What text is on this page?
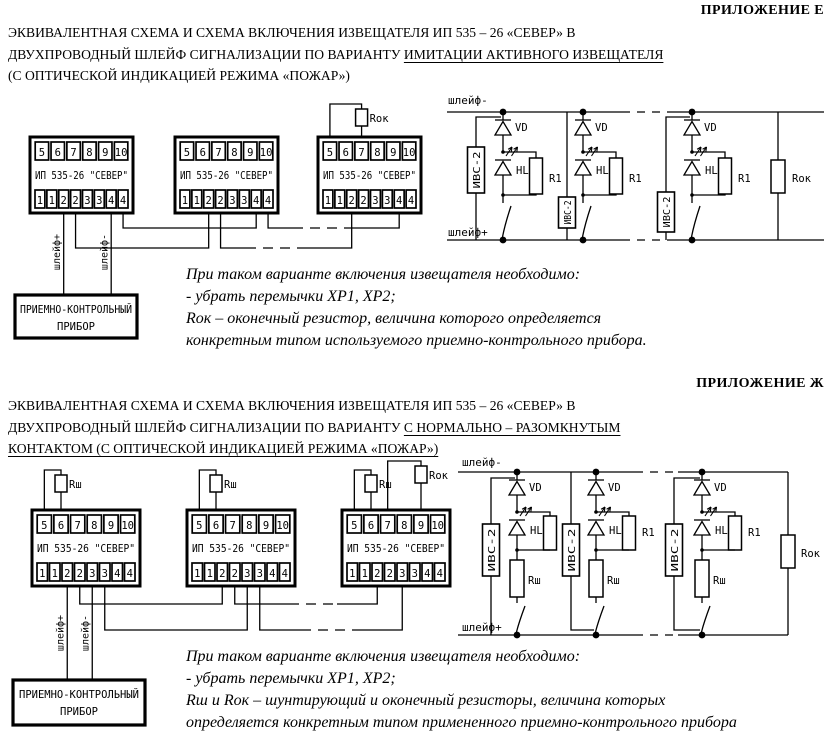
5 6 7 8 9 10
ИП 535-26 "СЕВЕР"
1 1 2 2 3 3 4 4
5 6 7 8 9 10
ИП 535-26 "СЕВЕР"
1 1 2 2 3 3 4 4
5 6 7 8 9 10
ИП 535-26 "СЕВЕР"
1 1 2 2 3 3 4 4
Rок
шлейф+	шлейф-
ПРИЕМНО-КОНТРОЛЬНЫЙ
ПРИБОР
шлейф-
шлейф+
VD
HL
R1
VD
HL
R1
VD
HL
R1
ИВС-2
ИВС-2	ИВС-2
Rок
5 6 7 8 9 10
ИП 535-26 "СЕВЕР"
1 1 2 2 3 3 4 4
5 6 7 8 9 10
ИП 535-26 "СЕВЕР"
1 1 2 2 3 3 4 4
5 6 7 8 9 10
ИП 535-26 "СЕВЕР"
1 1 2 2 3 3 4 4
Rш	Rш	Rш
Rок
шлейф+ шлейф-
ПРИЕМНО-КОНТРОЛЬНЫЙ
ПРИБОР
шлейф-
шлейф+
VD
HL
Rш
VD
HL R1
Rш
VD
HL R1
Rш
ИВС-2	ИВС-2	ИВС-2	Rок
ПРИЛОЖЕНИЕ Е
ЭКВИВАЛЕНТНАЯ СХЕМА И СХЕМА ВКЛЮЧЕНИЯ ИЗВЕЩАТЕЛЯ ИП 535 – 26 «СЕВЕР» В
ДВУХПРОВОДНЫЙ ШЛЕЙФ СИГНАЛИЗАЦИИ ПО ВАРИАНТУ ИМИТАЦИИ АКТИВНОГО ИЗВЕЩАТЕЛЯ
(С ОПТИЧЕСКОЙ ИНДИКАЦИЕЙ РЕЖИМА «ПОЖАР»)
При таком варианте включения извещателя необходимо:
- убрать перемычки ХР1, ХР2;
Rок – оконечный резистор, величина которого определяется
конкретным типом используемого приемно-контрольного прибора.
ПРИЛОЖЕНИЕ Ж
ЭКВИВАЛЕНТНАЯ СХЕМА И СХЕМА ВКЛЮЧЕНИЯ ИЗВЕЩАТЕЛЯ ИП 535 – 26 «СЕВЕР» В
ДВУХПРОВОДНЫЙ ШЛЕЙФ СИГНАЛИЗАЦИИ ПО ВАРИАНТУ С НОРМАЛЬНО – РАЗОМКНУТЫМ
КОНТАКТОМ (С ОПТИЧЕСКОЙ ИНДИКАЦИЕЙ РЕЖИМА «ПОЖАР»)
При таком варианте включения извещателя необходимо:
- убрать перемычки ХР1, ХР2;
Rш и Rок – шунтирующий и оконечный резисторы, величина которых
определяется конкретным типом примененного приемно-контрольного прибора
